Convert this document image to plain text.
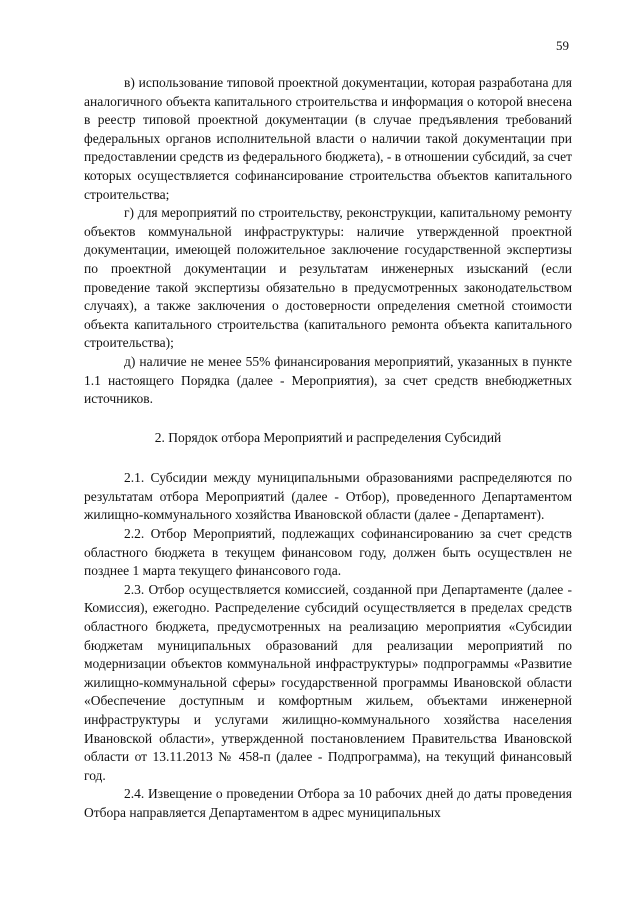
59

в) использование типовой проектной документации, которая разработана для аналогичного объекта капитального строительства и информация о которой внесена в реестр типовой проектной документации (в случае предъявления требований федеральных органов исполнительной власти о наличии такой документации при предоставлении средств из федерального бюджета), - в отношении субсидий, за счет которых осуществляется софинансирование строительства объектов капитального строительства;

г) для мероприятий по строительству, реконструкции, капитальному ремонту объектов коммунальной инфраструктуры: наличие утвержденной проектной документации, имеющей положительное заключение государственной экспертизы по проектной документации и результатам инженерных изысканий (если проведение такой экспертизы обязательно в предусмотренных законодательством случаях), а также заключения о достоверности определения сметной стоимости объекта капитального строительства (капитального ремонта объекта капитального строительства);

д) наличие не менее 55% финансирования мероприятий, указанных в пункте 1.1 настоящего Порядка (далее - Мероприятия), за счет средств внебюджетных источников.

2. Порядок отбора Мероприятий и распределения Субсидий

2.1. Субсидии между муниципальными образованиями распределяются по результатам отбора Мероприятий (далее - Отбор), проведенного Департаментом жилищно-коммунального хозяйства Ивановской области (далее - Департамент).

2.2. Отбор Мероприятий, подлежащих софинансированию за счет средств областного бюджета в текущем финансовом году, должен быть осуществлен не позднее 1 марта текущего финансового года.

2.3. Отбор осуществляется комиссией, созданной при Департаменте (далее - Комиссия), ежегодно. Распределение субсидий осуществляется в пределах средств областного бюджета, предусмотренных на реализацию мероприятия «Субсидии бюджетам муниципальных образований для реализации мероприятий по модернизации объектов коммунальной инфраструктуры» подпрограммы «Развитие жилищно-коммунальной сферы» государственной программы Ивановской области «Обеспечение доступным и комфортным жильем, объектами инженерной инфраструктуры и услугами жилищно-коммунального хозяйства населения Ивановской области», утвержденной постановлением Правительства Ивановской области от 13.11.2013 № 458-п (далее - Подпрограмма), на текущий финансовый год.

2.4. Извещение о проведении Отбора за 10 рабочих дней до даты проведения Отбора направляется Департаментом в адрес муниципальных
